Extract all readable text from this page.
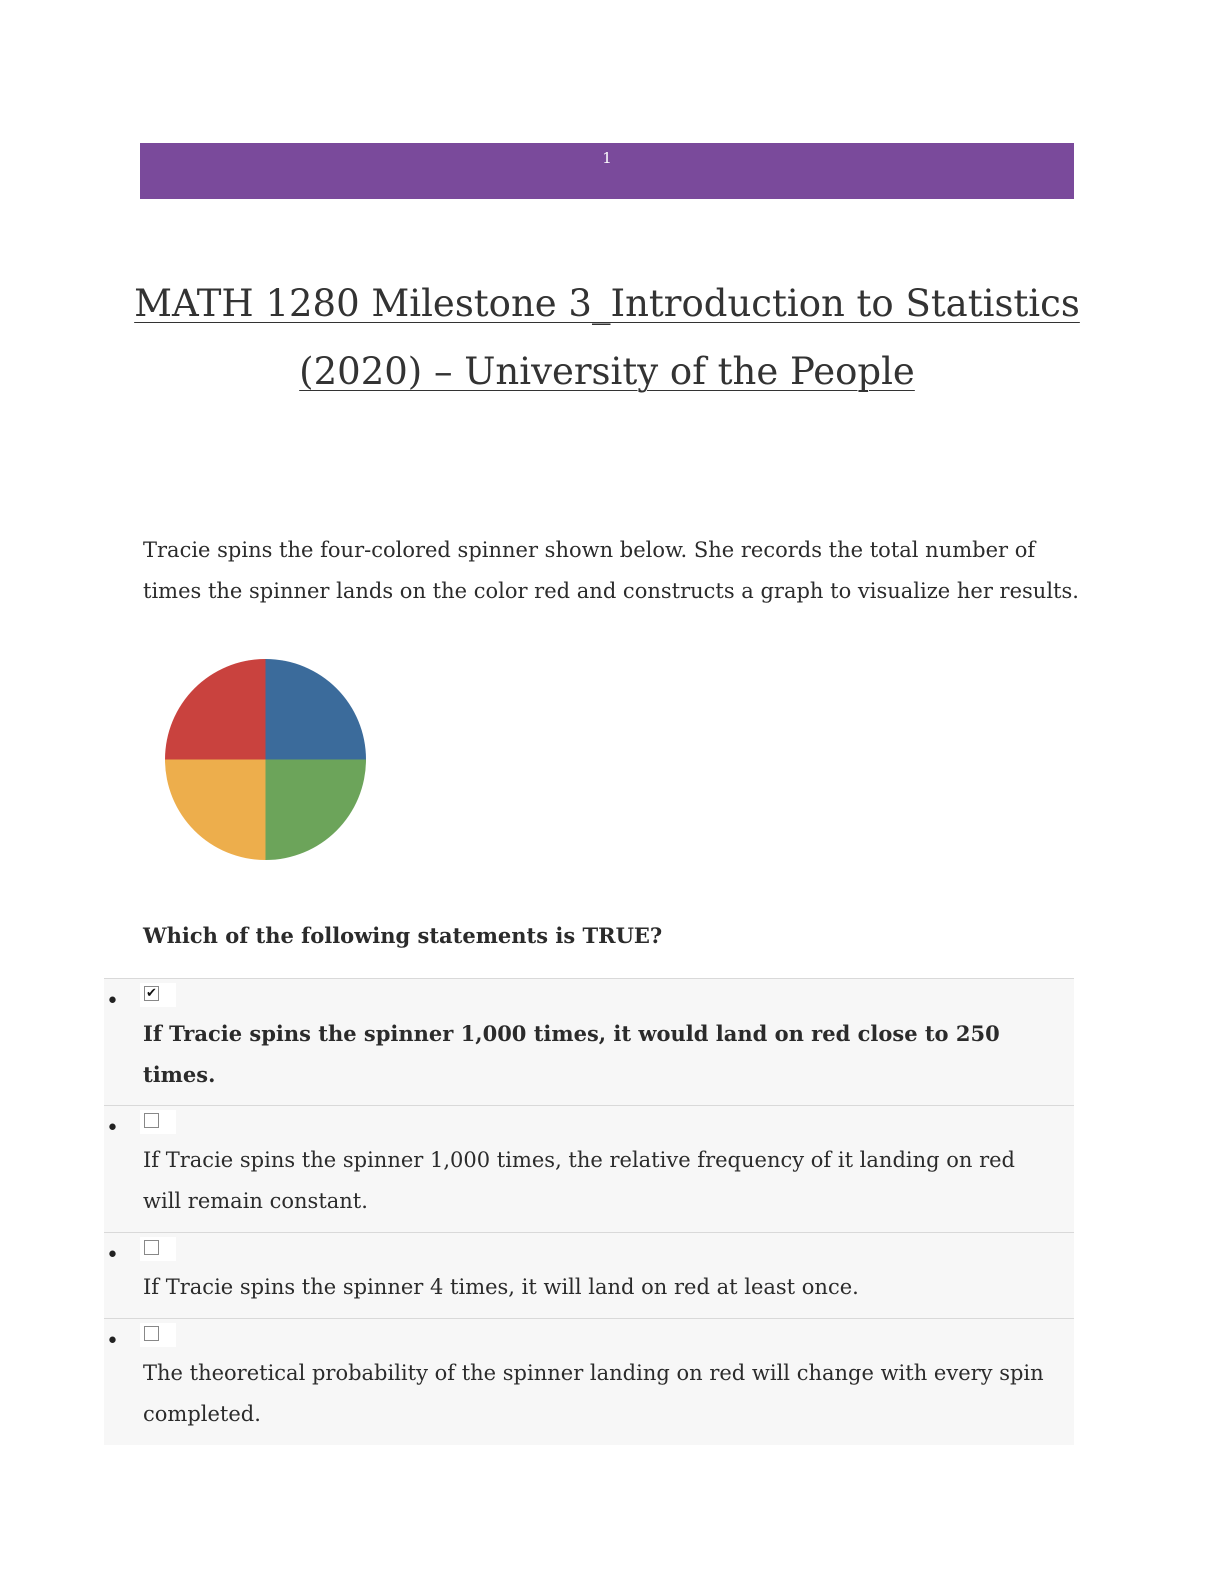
1
MATH 1280 Milestone 3_Introduction to Statistics
(2020) – University of the People

Tracie spins the four-colored spinner shown below. She records the total number of times the spinner lands on the color red and constructs a graph to visualize her results.

Which of the following statements is TRUE?

• ✔
If Tracie spins the spinner 1,000 times, it would land on red close to 250 times.
•
If Tracie spins the spinner 1,000 times, the relative frequency of it landing on red will remain constant.
•
If Tracie spins the spinner 4 times, it will land on red at least once.
•
The theoretical probability of the spinner landing on red will change with every spin completed.
